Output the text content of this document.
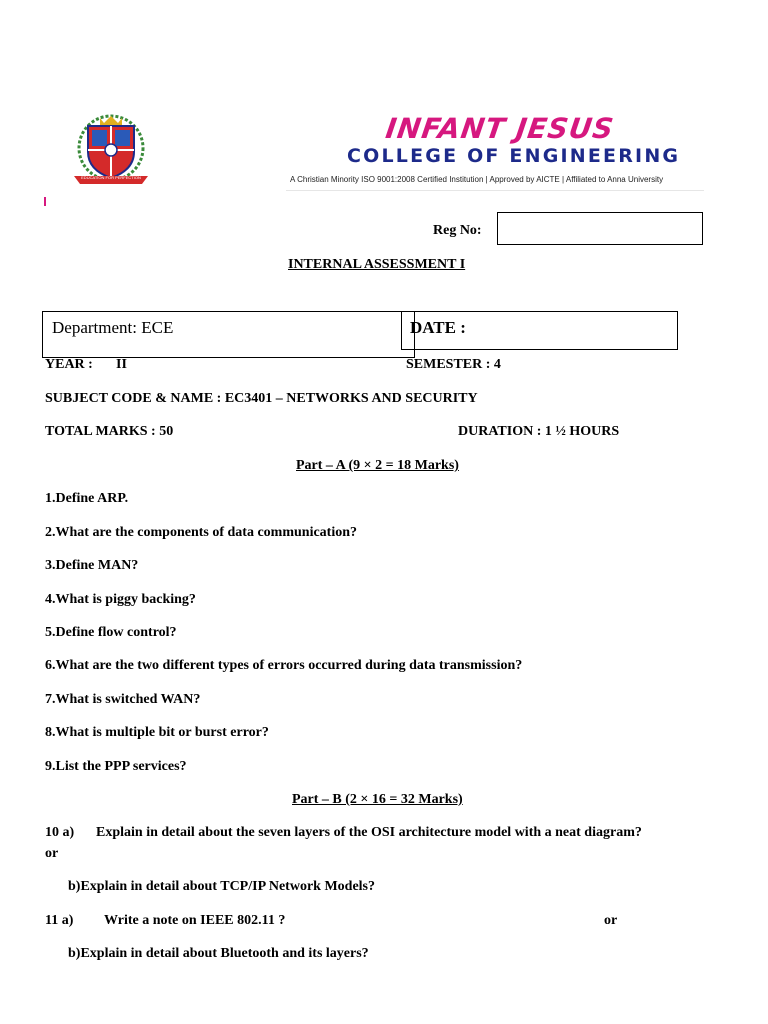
EDUCATION FOR PERFECTION
INFANT JESUS
COLLEGE OF ENGINEERING
A Christian Minority ISO 9001:2008 Certified Institution | Approved by AICTE | Affiliated to Anna University
Reg No:
INTERNAL ASSESSMENT I
Department: ECE	DATE :
YEAR : II	SEMESTER : 4
SUBJECT CODE & NAME : EC3401 – NETWORKS AND SECURITY
TOTAL MARKS : 50	DURATION : 1 ½ HOURS
Part – A (9 × 2 = 18 Marks)
1.Define ARP.
2.What are the components of data communication?
3.Define MAN?
4.What is piggy backing?
5.Define flow control?
6.What are the two different types of errors occurred during data transmission?
7.What is switched WAN?
8.What is multiple bit or burst error?
9.List the PPP services?
Part – B (2 × 16 = 32 Marks)
10 a) Explain in detail about the seven layers of the OSI architecture model with a neat diagram?
or
b)Explain in detail about TCP/IP Network Models?
11 a) Write a note on IEEE 802.11 ?	or
b)Explain in detail about Bluetooth and its layers?
